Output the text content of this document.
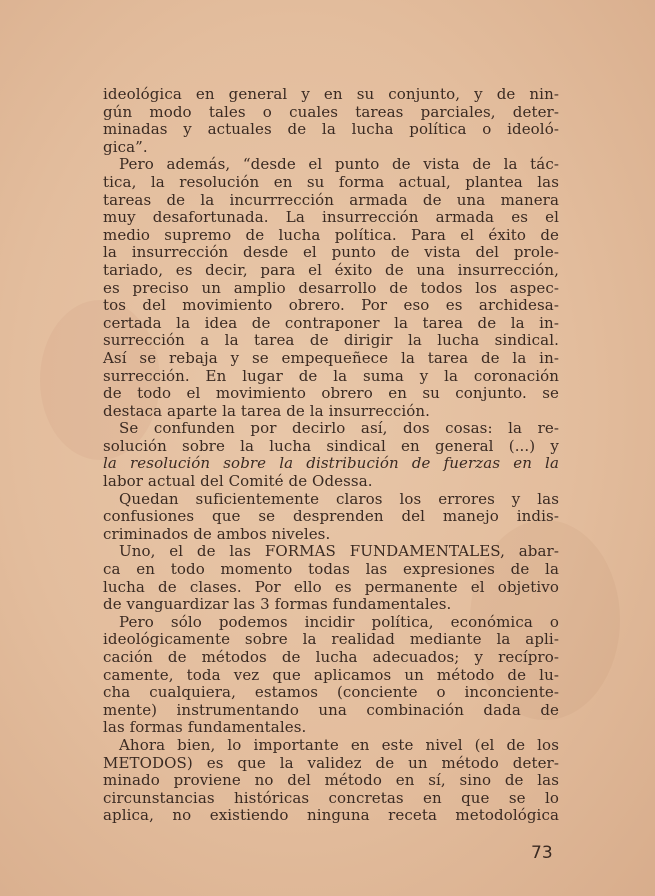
ideológica en general y en su conjunto, y de nin-
gún modo tales o cuales tareas parciales, deter-
minadas y actuales de la lucha política o ideoló-
gica”.
Pero además, “desde el punto de vista de la tác-
tica, la resolución en su forma actual, plantea las
tareas de la incurrrección armada de una manera
muy desafortunada. La insurrección armada es el
medio supremo de lucha política. Para el éxito de
la insurrección desde el punto de vista del prole-
tariado, es decir, para el éxito de una insurrección,
es preciso un amplio desarrollo de todos los aspec-
tos del movimiento obrero. Por eso es archidesa-
certada la idea de contraponer la tarea de la in-
surrección a la tarea de dirigir la lucha sindical.
Así se rebaja y se empequeñece la tarea de la in-
surrección. En lugar de la suma y la coronación
de todo el movimiento obrero en su conjunto. se
destaca aparte la tarea de la insurrección.
Se confunden por decirlo así, dos cosas: la re-
solución sobre la lucha sindical en general (...) y
la resolución sobre la distribución de fuerzas en la
labor actual del Comité de Odessa.
Quedan suficientemente claros los errores y las
confusiones que se desprenden del manejo indis-
criminados de ambos niveles.
Uno, el de las FORMAS FUNDAMENTALES, abar-
ca en todo momento todas las expresiones de la
lucha de clases. Por ello es permanente el objetivo
de vanguardizar las 3 formas fundamentales.
Pero sólo podemos incidir política, económica o
ideológicamente sobre la realidad mediante la apli-
cación de métodos de lucha adecuados; y recípro-
camente, toda vez que aplicamos un método de lu-
cha cualquiera, estamos (conciente o inconciente-
mente) instrumentando una combinación dada de
las formas fundamentales.
Ahora bien, lo importante en este nivel (el de los
METODOS) es que la validez de un método deter-
minado proviene no del método en sí, sino de las
circunstancias históricas concretas en que se lo
aplica, no existiendo ninguna receta metodológica
73
